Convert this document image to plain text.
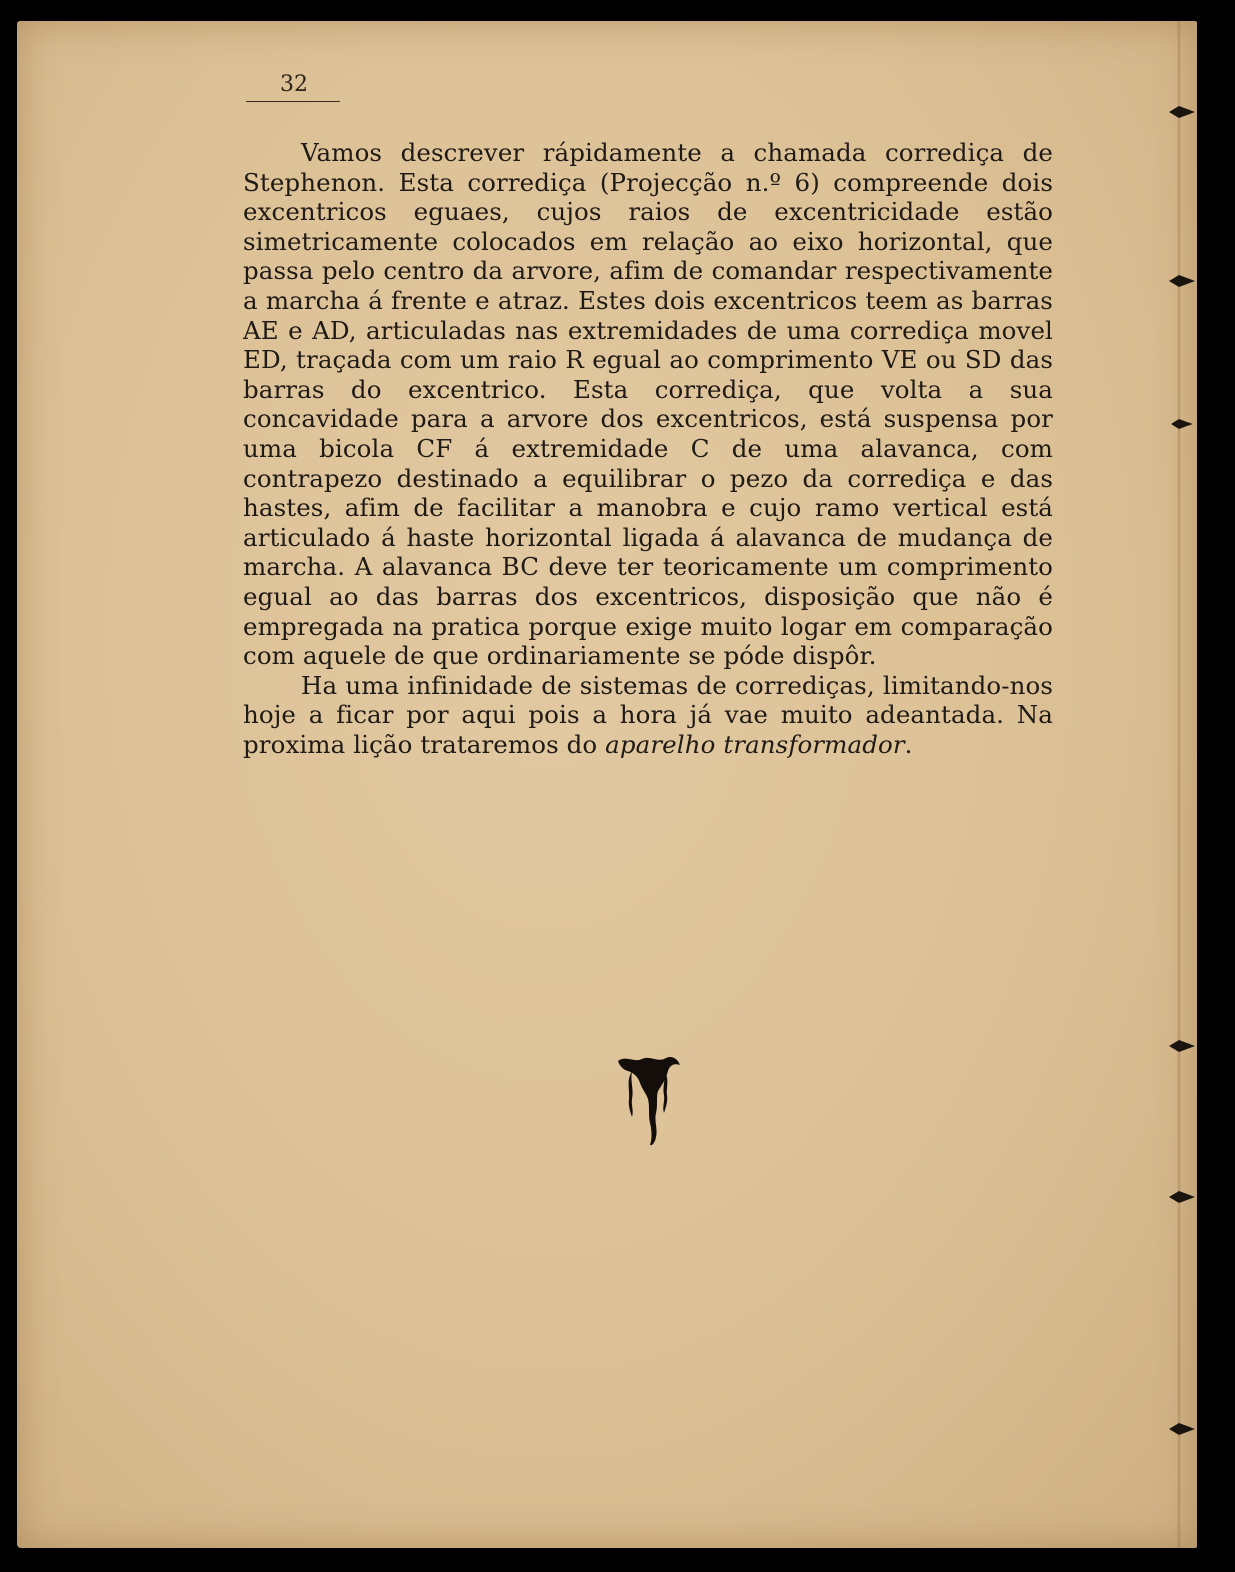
32

Vamos descrever rápidamente a chamada corrediça de Stephenon. Esta corrediça (Projecção n.º 6) compreende dois excentricos eguaes, cujos raios de excentricidade estão simetricamente colocados em relação ao eixo horizontal, que passa pelo centro da arvore, afim de comandar respectivamente a marcha á frente e atraz. Estes dois excentricos teem as barras AE e AD, articuladas nas extremidades de uma corrediça movel ED, traçada com um raio R egual ao comprimento VE ou SD das barras do excentrico. Esta corrediça, que volta a sua concavidade para a arvore dos excentricos, está suspensa por uma bicola CF á extremidade C de uma alavanca, com contrapezo destinado a equilibrar o pezo da corrediça e das hastes, afim de facilitar a manobra e cujo ramo vertical está articulado á haste horizontal ligada á alavanca de mudança de marcha. A alavanca BC deve ter teoricamente um comprimento egual ao das barras dos excentricos, disposição que não é empregada na pratica porque exige muito logar em comparação com aquele de que ordinariamente se póde dispôr.

Ha uma infinidade de sistemas de corrediças, limitando-nos hoje a ficar por aqui pois a hora já vae muito adeantada. Na proxima lição trataremos do aparelho transformador.
